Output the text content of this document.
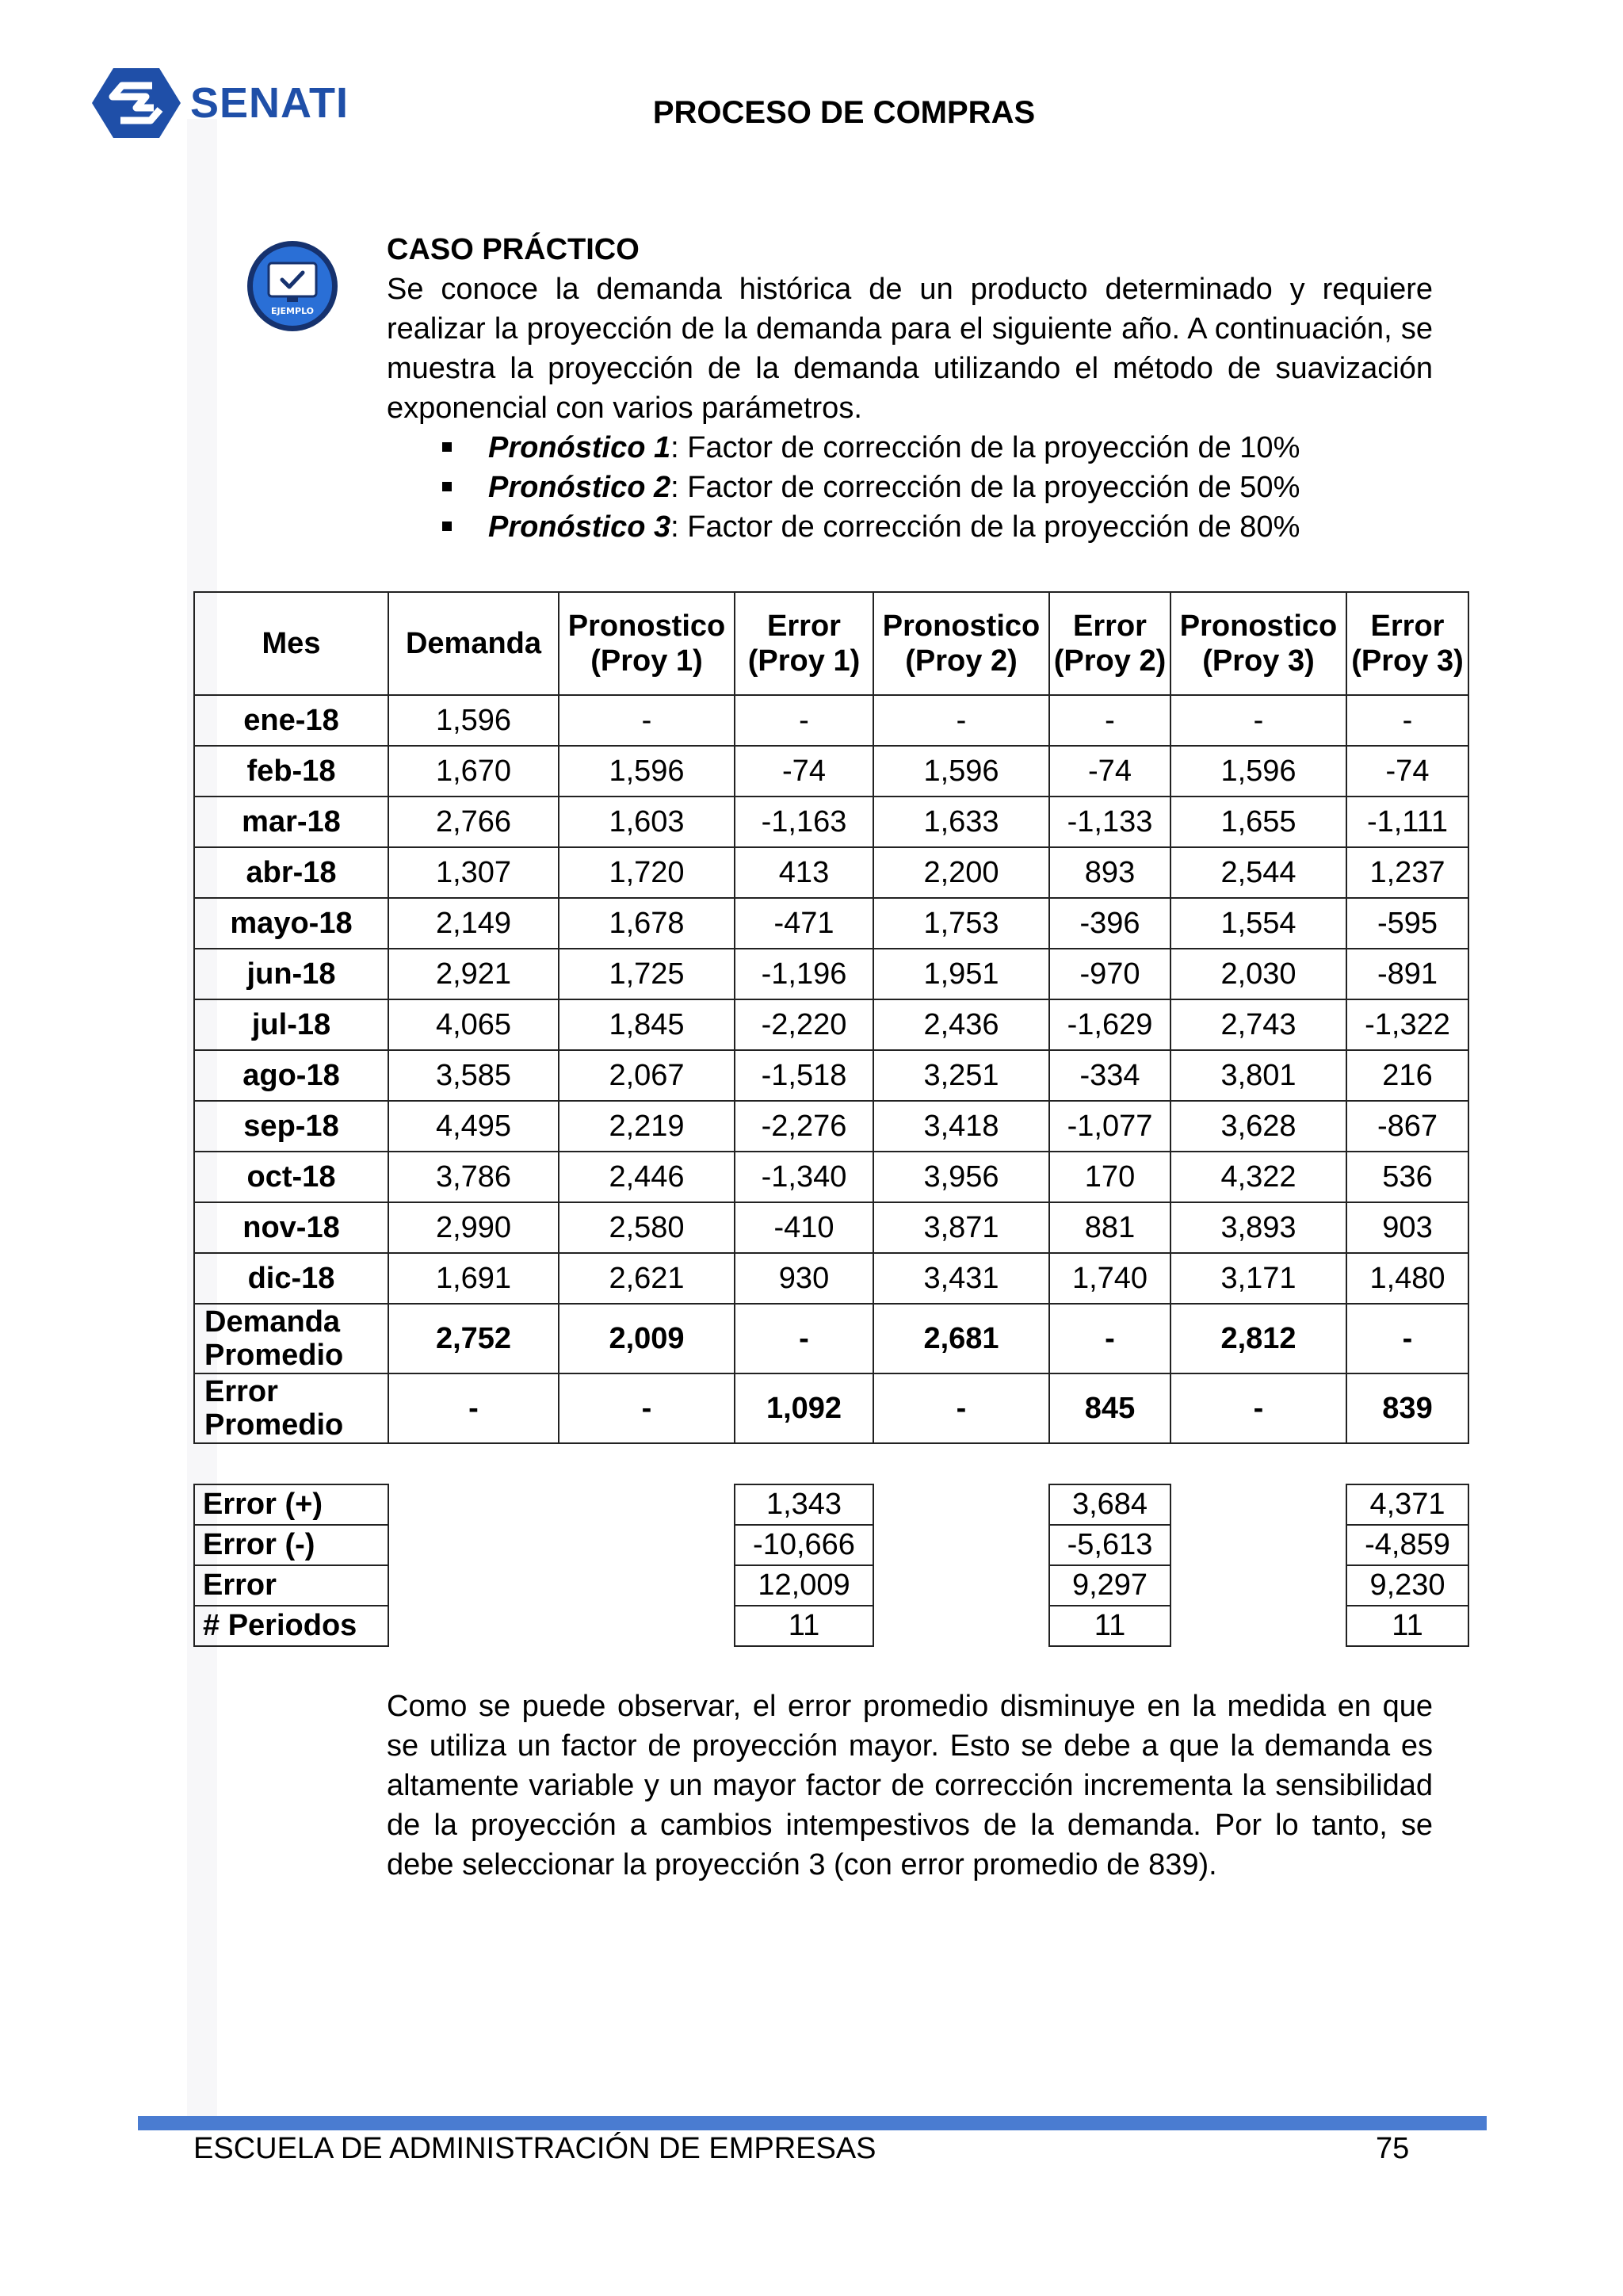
SENATI	PROCESO DE COMPRAS
EJEMPLO
CASO PRÁCTICO
Se conoce la demanda histórica de un producto determinado y requiere realizar la proyección de la demanda para el siguiente año. A continuación, se muestra la proyección de la demanda utilizando el método de suavización exponencial con varios parámetros.
Pronóstico 1: Factor de corrección de la proyección de 10%
Pronóstico 2: Factor de corrección de la proyección de 50%
Pronóstico 3: Factor de corrección de la proyección de 80%
Mes	Demanda	Pronostico (Proy 1)	Error (Proy 1)	Pronostico (Proy 2)	Error (Proy 2)	Pronostico (Proy 3)	Error (Proy 3)
ene-18	1,596	-	-	-	-	-	-
feb-18	1,670	1,596	-74	1,596	-74	1,596	-74
mar-18	2,766	1,603	-1,163	1,633	-1,133	1,655	-1,111
abr-18	1,307	1,720	413	2,200	893	2,544	1,237
mayo-18	2,149	1,678	-471	1,753	-396	1,554	-595
jun-18	2,921	1,725	-1,196	1,951	-970	2,030	-891
jul-18	4,065	1,845	-2,220	2,436	-1,629	2,743	-1,322
ago-18	3,585	2,067	-1,518	3,251	-334	3,801	216
sep-18	4,495	2,219	-2,276	3,418	-1,077	3,628	-867
oct-18	3,786	2,446	-1,340	3,956	170	4,322	536
nov-18	2,990	2,580	-410	3,871	881	3,893	903
dic-18	1,691	2,621	930	3,431	1,740	3,171	1,480
Demanda Promedio	2,752	2,009	-	2,681	-	2,812	-
Error Promedio	-	-	1,092	-	845	-	839
Error (+)			1,343		3,684		4,371
Error (-)			-10,666		-5,613		-4,859
Error			12,009		9,297		9,230
# Periodos			11		11		11
Como se puede observar, el error promedio disminuye en la medida en que se utiliza un factor de proyección mayor. Esto se debe a que la demanda es altamente variable y un mayor factor de corrección incrementa la sensibilidad de la proyección a cambios intempestivos de la demanda. Por lo tanto, se debe seleccionar la proyección 3 (con error promedio de 839).
ESCUELA DE ADMINISTRACIÓN DE EMPRESAS	75
